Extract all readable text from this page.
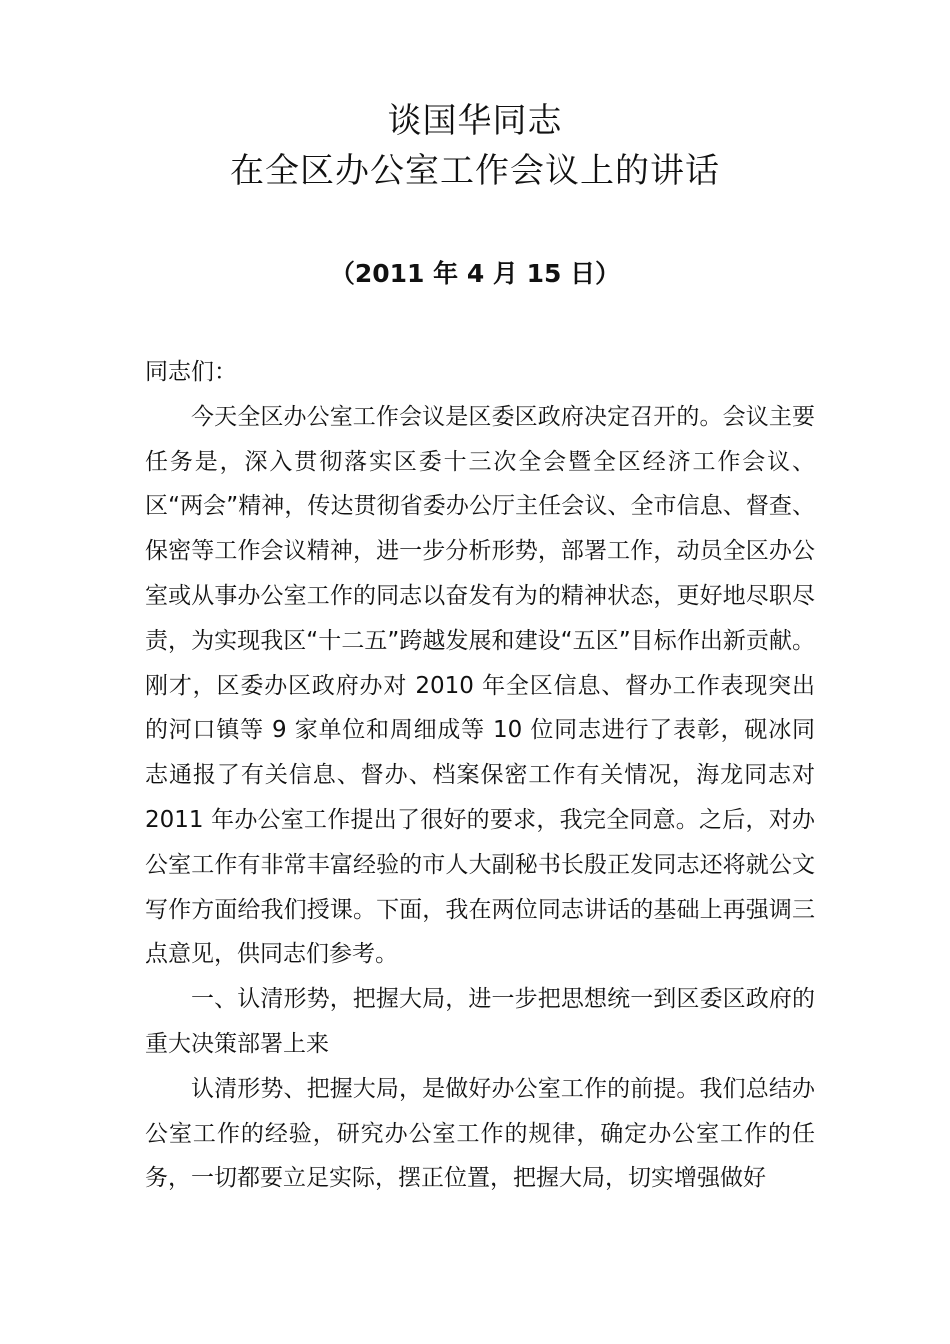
谈国华同志

在全区办公室工作会议上的讲话

（2011 年 4 月 15 日）

同志们：

今天全区办公室工作会议是区委区政府决定召开的。会议主要任务是，深入贯彻落实区委十三次全会暨全区经济工作会议、区“两会”精神，传达贯彻省委办公厅主任会议、全市信息、督查、保密等工作会议精神，进一步分析形势，部署工作，动员全区办公室或从事办公室工作的同志以奋发有为的精神状态，更好地尽职尽责，为实现我区“十二五”跨越发展和建设“五区”目标作出新贡献。刚才，区委办区政府办对 2010 年全区信息、督办工作表现突出的河口镇等 9 家单位和周细成等 10 位同志进行了表彰，砚冰同志通报了有关信息、督办、档案保密工作有关情况，海龙同志对 2011 年办公室工作提出了很好的要求，我完全同意。之后，对办公室工作有非常丰富经验的市人大副秘书长殷正发同志还将就公文写作方面给我们授课。下面，我在两位同志讲话的基础上再强调三点意见，供同志们参考。

一、认清形势，把握大局，进一步把思想统一到区委区政府的重大决策部署上来

认清形势、把握大局，是做好办公室工作的前提。我们总结办公室工作的经验，研究办公室工作的规律，确定办公室工作的任务，一切都要立足实际，摆正位置，把握大局，切实增强做好
